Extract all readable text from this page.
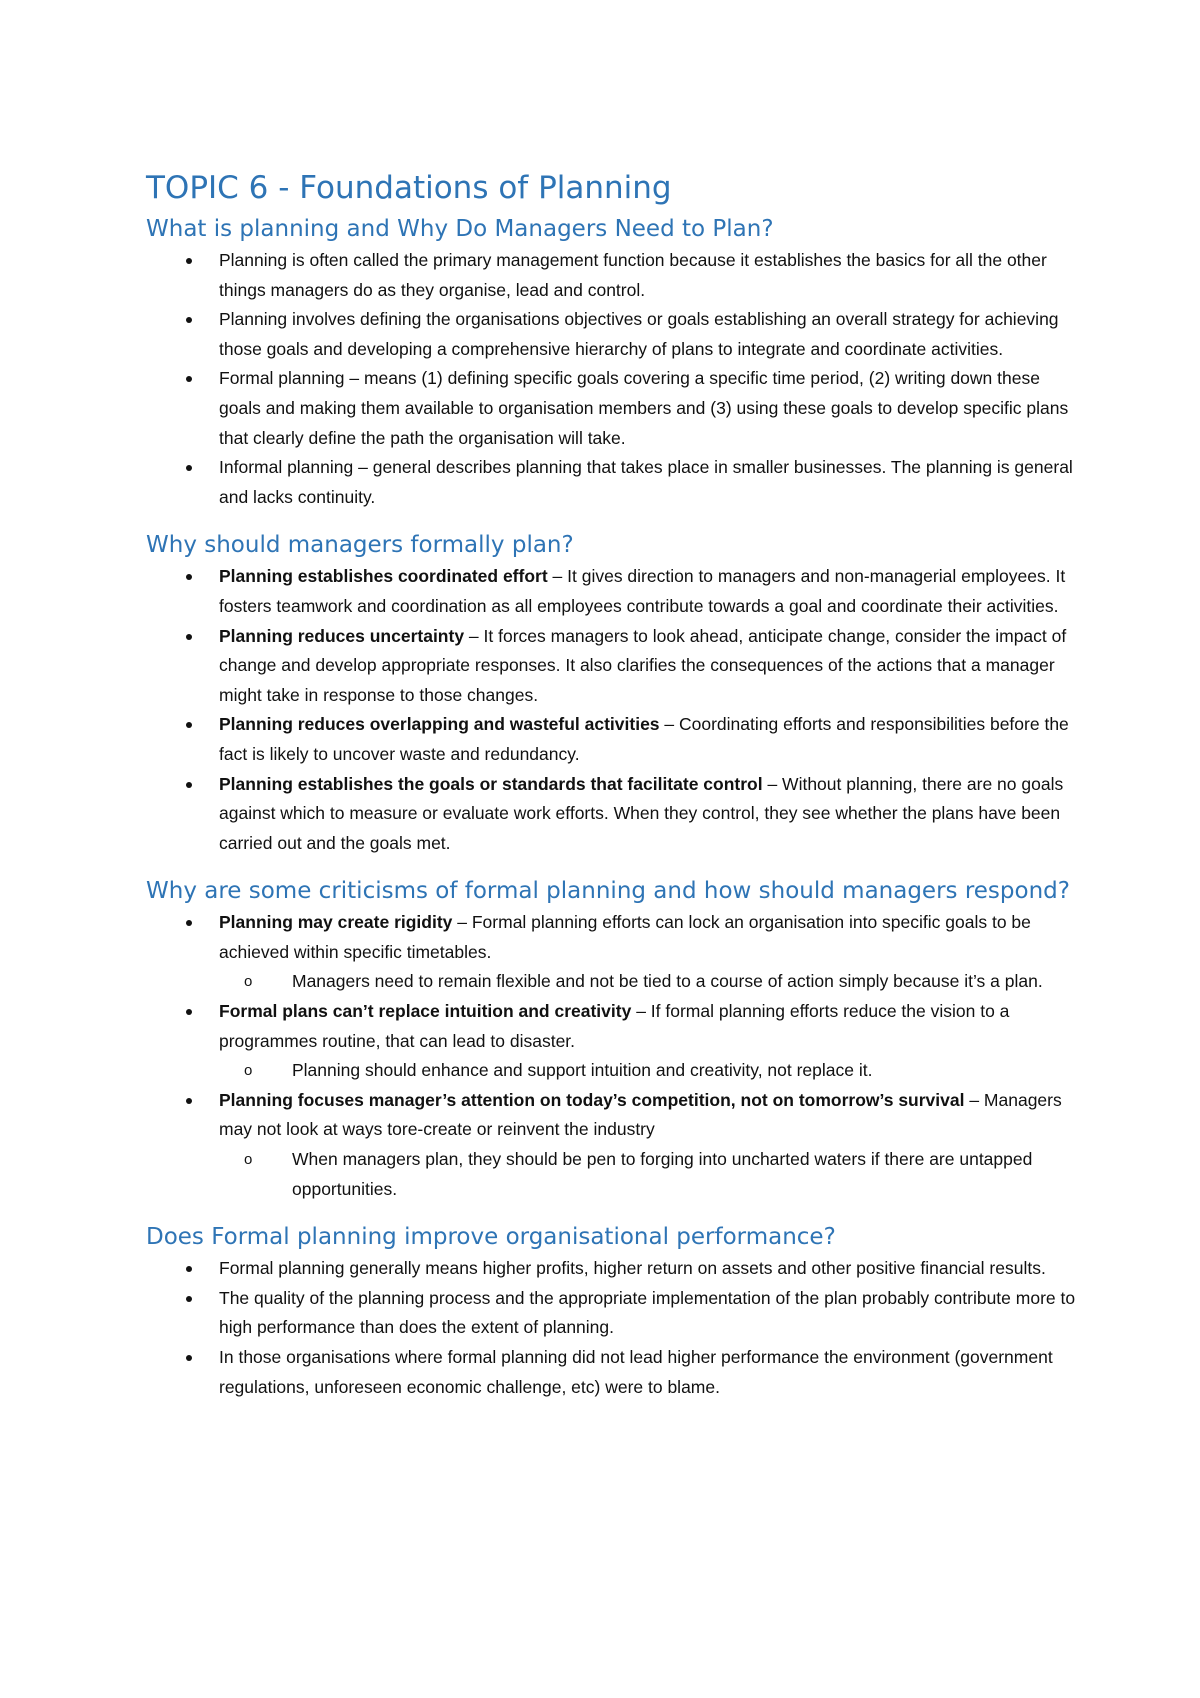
TOPIC 6 - Foundations of Planning
What is planning and Why Do Managers Need to Plan?
Planning is often called the primary management function because it establishes the basics for all the other things managers do as they organise, lead and control.
Planning involves defining the organisations objectives or goals establishing an overall strategy for achieving those goals and developing a comprehensive hierarchy of plans to integrate and coordinate activities.
Formal planning – means (1) defining specific goals covering a specific time period, (2) writing down these goals and making them available to organisation members and (3) using these goals to develop specific plans that clearly define the path the organisation will take.
Informal planning – general describes planning that takes place in smaller businesses. The planning is general and lacks continuity.
Why should managers formally plan?
Planning establishes coordinated effort – It gives direction to managers and non-managerial employees. It fosters teamwork and coordination as all employees contribute towards a goal and coordinate their activities.
Planning reduces uncertainty – It forces managers to look ahead, anticipate change, consider the impact of change and develop appropriate responses. It also clarifies the consequences of the actions that a manager might take in response to those changes.
Planning reduces overlapping and wasteful activities – Coordinating efforts and responsibilities before the fact is likely to uncover waste and redundancy.
Planning establishes the goals or standards that facilitate control – Without planning, there are no goals against which to measure or evaluate work efforts. When they control, they see whether the plans have been carried out and the goals met.
Why are some criticisms of formal planning and how should managers respond?
Planning may create rigidity – Formal planning efforts can lock an organisation into specific goals to be achieved within specific timetables.
o Managers need to remain flexible and not be tied to a course of action simply because it’s a plan.
Formal plans can’t replace intuition and creativity – If formal planning efforts reduce the vision to a programmes routine, that can lead to disaster.
o Planning should enhance and support intuition and creativity, not replace it.
Planning focuses manager’s attention on today’s competition, not on tomorrow’s survival – Managers may not look at ways tore-create or reinvent the industry
o When managers plan, they should be pen to forging into uncharted waters if there are untapped opportunities.
Does Formal planning improve organisational performance?
Formal planning generally means higher profits, higher return on assets and other positive financial results.
The quality of the planning process and the appropriate implementation of the plan probably contribute more to high performance than does the extent of planning.
In those organisations where formal planning did not lead higher performance the environment (government regulations, unforeseen economic challenge, etc) were to blame.
